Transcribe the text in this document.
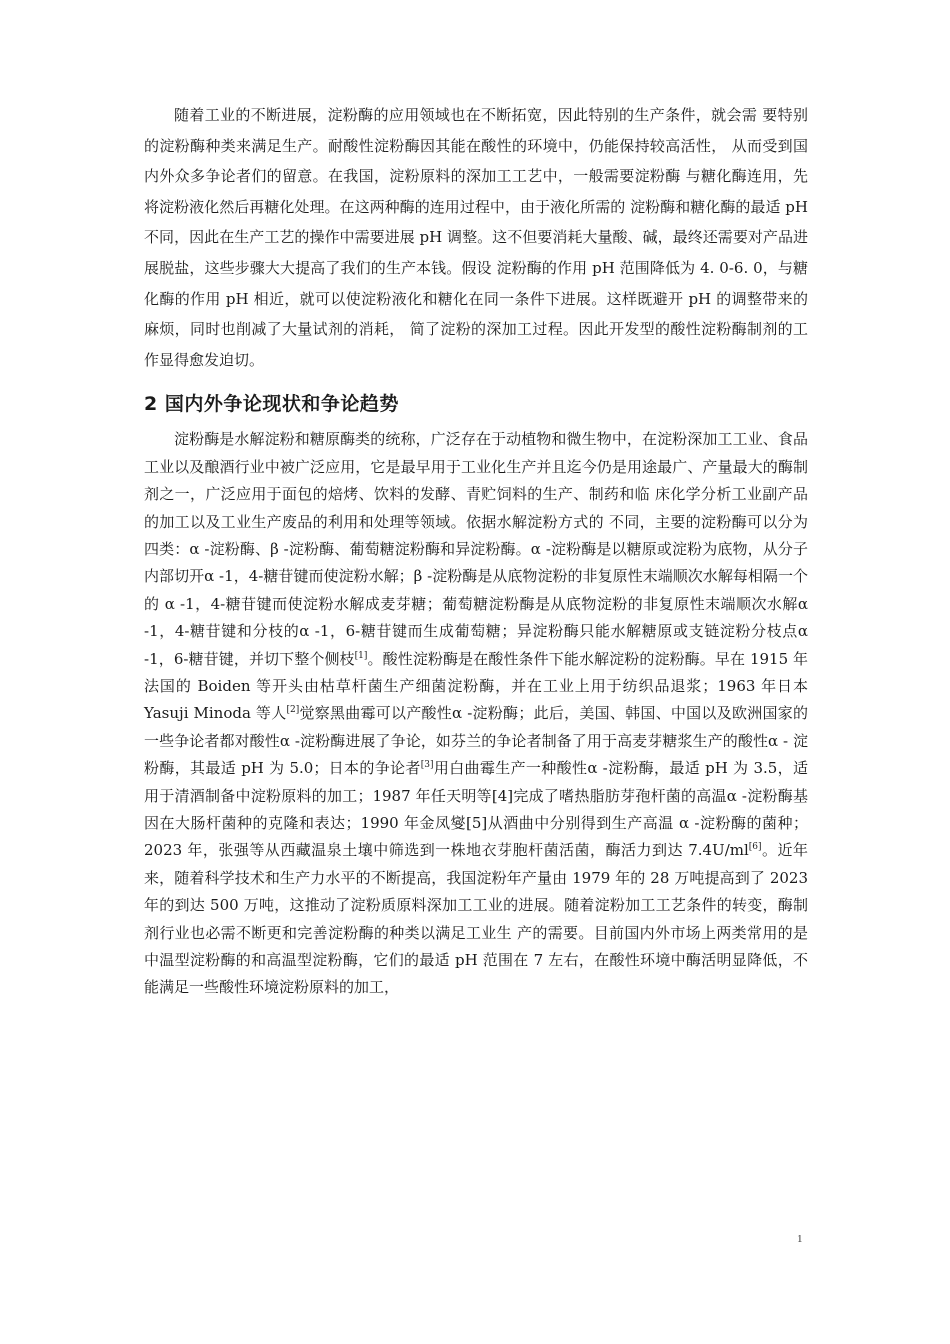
随着工业的不断进展，淀粉酶的应用领域也在不断拓宽，因此特别的生产条件，就会需 要特别的淀粉酶种类来满足生产。耐酸性淀粉酶因其能在酸性的环境中，仍能保持较高活性， 从而受到国内外众多争论者们的留意。在我国，淀粉原料的深加工工艺中，一般需要淀粉酶 与糖化酶连用，先将淀粉液化然后再糖化处理。在这两种酶的连用过程中，由于液化所需的 淀粉酶和糖化酶的最适 pH 不同，因此在生产工艺的操作中需要进展 pH 调整。这不但要消耗大量酸、碱，最终还需要对产品进展脱盐，这些步骤大大提高了我们的生产本钱。假设 淀粉酶的作用 pH 范围降低为 4. 0-6. 0，与糖化酶的作用 pH 相近，就可以使淀粉液化和糖化在同一条件下进展。这样既避开 pH 的调整带来的麻烦，同时也削减了大量试剂的消耗， 简了淀粉的深加工过程。因此开发型的酸性淀粉酶制剂的工作显得愈发迫切。

2 国内外争论现状和争论趋势

淀粉酶是水解淀粉和糖原酶类的统称，广泛存在于动植物和微生物中，在淀粉深加工工业、食品工业以及酿酒行业中被广泛应用，它是最早用于工业化生产并且迄今仍是用途最广、产量最大的酶制剂之一，广泛应用于面包的焙烤、饮料的发酵、青贮饲料的生产、制药和临 床化学分析工业副产品的加工以及工业生产废品的利用和处理等领域。依据水解淀粉方式的 不同，主要的淀粉酶可以分为四类：α -淀粉酶、β -淀粉酶、葡萄糖淀粉酶和异淀粉酶。α -淀粉酶是以糖原或淀粉为底物，从分子内部切开α -1，4-糖苷键而使淀粉水解；β -淀粉酶是从底物淀粉的非复原性末端顺次水解每相隔一个的 α -1，4-糖苷键而使淀粉水解成麦芽糖；葡萄糖淀粉酶是从底物淀粉的非复原性末端顺次水解α -1，4-糖苷键和分枝的α -1，6-糖苷键而生成葡萄糖；异淀粉酶只能水解糖原或支链淀粉分枝点α -1，6-糖苷键，并切下整个侧枝[1]。酸性淀粉酶是在酸性条件下能水解淀粉的淀粉酶。早在 1915 年法国的 Boiden 等开头由枯草杆菌生产细菌淀粉酶，并在工业上用于纺织品退浆；1963 年日本 Yasuji Minoda 等人[2]觉察黑曲霉可以产酸性α -淀粉酶；此后，美国、韩国、中国以及欧洲国家的一些争论者都对酸性α -淀粉酶进展了争论，如芬兰的争论者制备了用于高麦芽糖浆生产的酸性α - 淀粉酶，其最适 pH 为 5.0；日本的争论者[3]用白曲霉生产一种酸性α -淀粉酶，最适 pH 为 3.5，适用于清酒制备中淀粉原料的加工；1987 年任天明等[4]完成了嗜热脂肪芽孢杆菌的高温α -淀粉酶基因在大肠杆菌种的克隆和表达；1990 年金凤燮[5]从酒曲中分别得到生产高温 α -淀粉酶的菌种；2023 年，张强等从西藏温泉土壤中筛选到一株地衣芽胞杆菌活菌，酶活力到达 7.4U/ml[6]。近年来，随着科学技术和生产力水平的不断提高，我国淀粉年产量由 1979 年的 28 万吨提高到了 2023 年的到达 500 万吨，这推动了淀粉质原料深加工工业的进展。随着淀粉加工工艺条件的转变，酶制剂行业也必需不断更和完善淀粉酶的种类以满足工业生 产的需要。目前国内外市场上两类常用的是中温型淀粉酶的和高温型淀粉酶，它们的最适 pH 范围在 7 左右，在酸性环境中酶活明显降低，不能满足一些酸性环境淀粉原料的加工，

1
